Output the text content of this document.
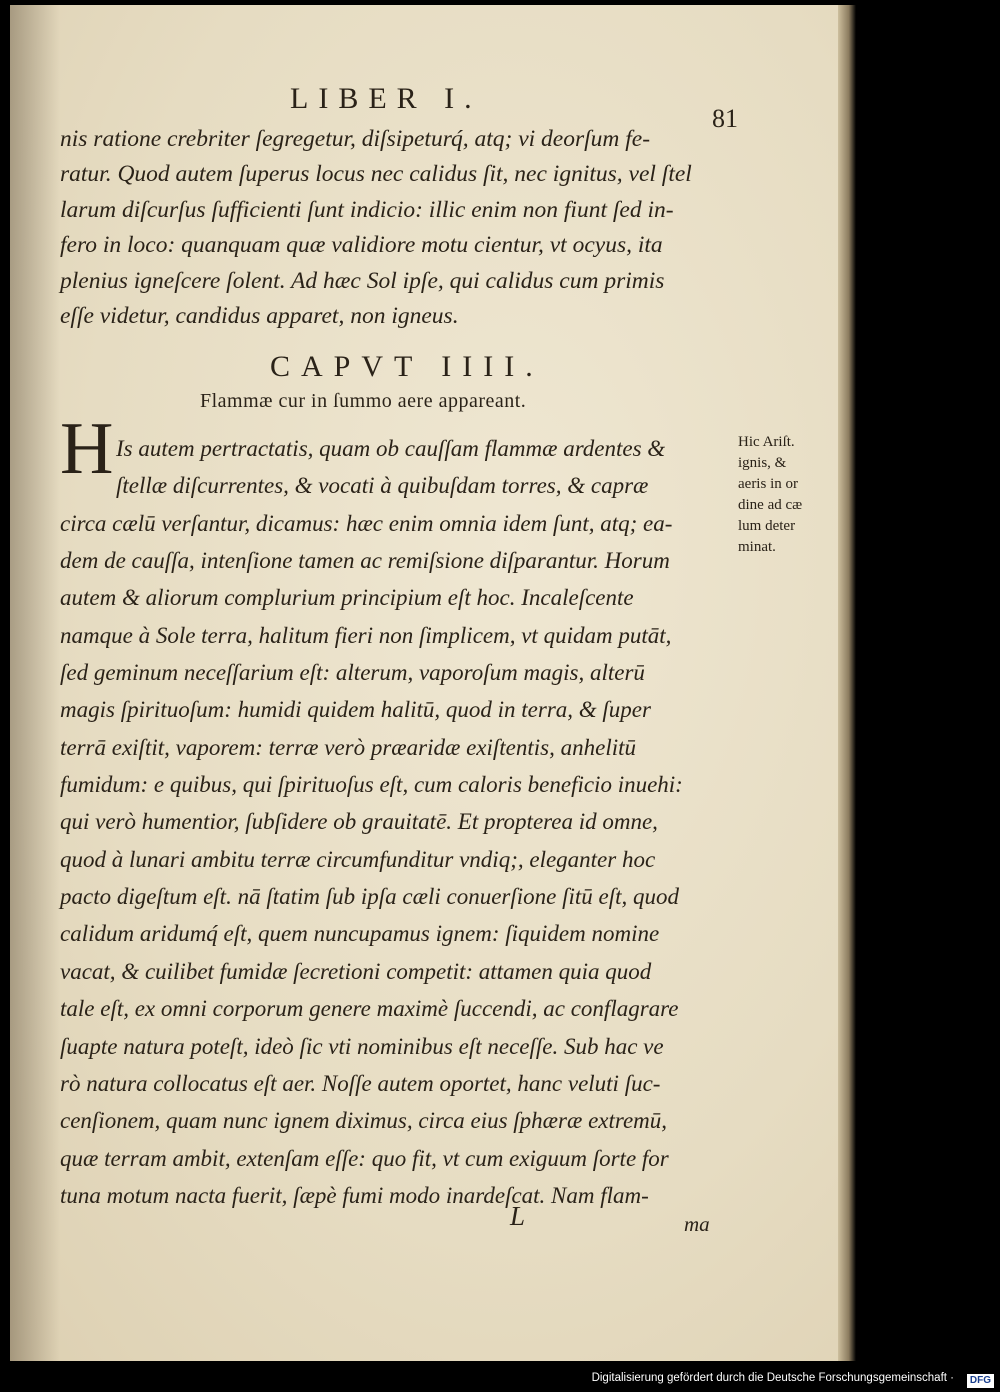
LIBER I.
81
nis ratione crebriter ſegregetur, diſsipeturq́, atq; vi deorſum fe-
ratur. Quod autem ſuperus locus nec calidus ſit, nec ignitus, vel ſtel
larum diſcurſus ſufficienti ſunt indicio: illic enim non fiunt ſed in-
fero in loco: quanquam quæ validiore motu cientur, vt ocyus, ita
plenius igneſcere ſolent. Ad hæc Sol ipſe, qui calidus cum primis
eſſe videtur, candidus apparet, non igneus.
CAPVT IIII.
Flammæ cur in ſummo aere appareant.
H Is autem pertractatis, quam ob cauſſam flammæ ardentes &
ſtellæ diſcurrentes, & vocati à quibuſdam torres, & capræ
circa cælū verſantur, dicamus: hæc enim omnia idem ſunt, atq; ea-
dem de cauſſa, intenſione tamen ac remiſsione diſparantur. Horum
autem & aliorum complurium principium eſt hoc. Incaleſcente
namque à Sole terra, halitum fieri non ſimplicem, vt quidam putāt,
ſed geminum neceſſarium eſt: alterum, vaporoſum magis, alterū
magis ſpirituoſum: humidi quidem halitū, quod in terra, & ſuper
terrā exiſtit, vaporem: terræ verò præaridæ exiſtentis, anhelitū
fumidum: e quibus, qui ſpirituoſus eſt, cum caloris beneficio inuehi:
qui verò humentior, ſubſidere ob grauitatē. Et propterea id omne,
quod à lunari ambitu terræ circumfunditur vndiq;, eleganter hoc
pacto digeſtum eſt. nā ſtatim ſub ipſa cæli conuerſione ſitū eſt, quod
calidum aridumq́ eſt, quem nuncupamus ignem: ſiquidem nomine
vacat, & cuilibet fumidæ ſecretioni competit: attamen quia quod
tale eſt, ex omni corporum genere maximè ſuccendi, ac conflagrare
ſuapte natura poteſt, ideò ſic vti nominibus eſt neceſſe. Sub hac ve
rò natura collocatus eſt aer. Noſſe autem oportet, hanc veluti ſuc-
cenſionem, quam nunc ignem diximus, circa eius ſphæræ extremū,
quæ terram ambit, extenſam eſſe: quo fit, vt cum exiguum ſorte for
tuna motum nacta fuerit, ſæpè fumi modo inardeſcat. Nam flam-
Hic Ariſt.
ignis, &
aeris in or
dine ad cæ
lum deter
minat.
L	ma
Digitalisierung gefördert durch die Deutsche Forschungsgemeinschaft ·	DFG
